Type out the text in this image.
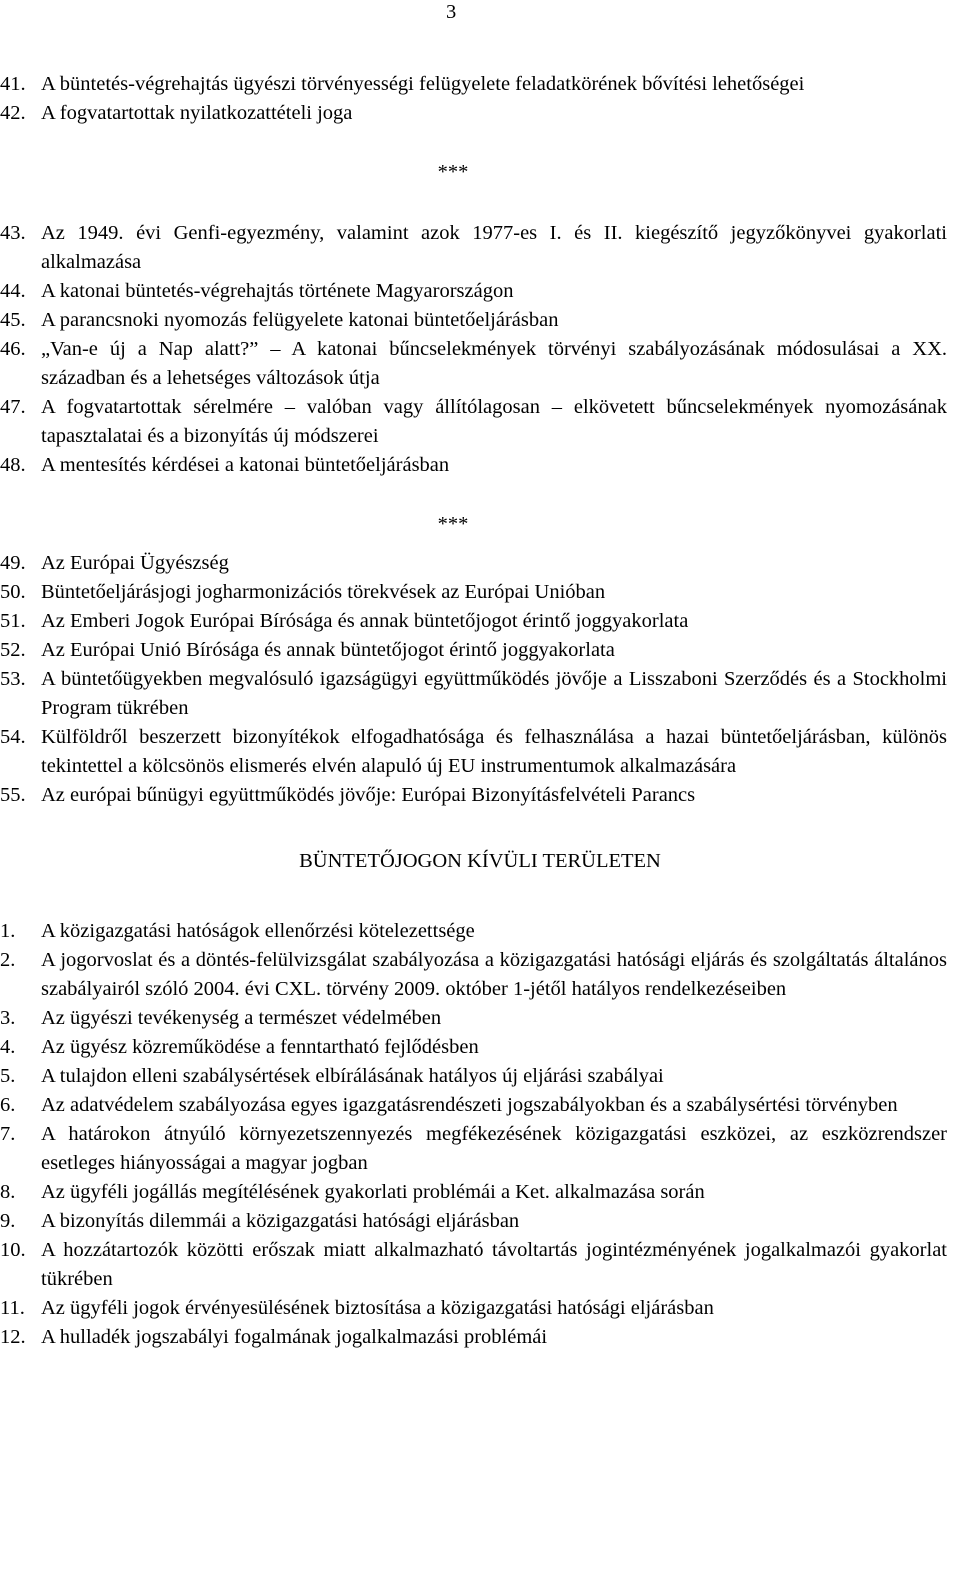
3
41. A büntetés-végrehajtás ügyészi törvényességi felügyelete feladatkörének bővítési lehetőségei
42. A fogvatartottak nyilatkozattételi joga
***
43. Az 1949. évi Genfi-egyezmény, valamint azok 1977-es I. és II. kiegészítő jegyzőkönyvei gyakorlati alkalmazása
44. A katonai büntetés-végrehajtás története Magyarországon
45. A parancsnoki nyomozás felügyelete katonai büntetőeljárásban
46. „Van-e új a Nap alatt?” – A katonai bűncselekmények törvényi szabályozásának módosulásai a XX. században és a lehetséges változások útja
47. A fogvatartottak sérelmére – valóban vagy állítólagosan – elkövetett bűncselekmények nyomozásának tapasztalatai és a bizonyítás új módszerei
48. A mentesítés kérdései a katonai büntetőeljárásban
***
49. Az Európai Ügyészség
50. Büntetőeljárásjogi jogharmonizációs törekvések az Európai Unióban
51. Az Emberi Jogok Európai Bírósága és annak büntetőjogot érintő joggyakorlata
52. Az Európai Unió Bírósága és annak büntetőjogot érintő joggyakorlata
53. A büntetőügyekben megvalósuló igazságügyi együttműködés jövője a Lisszaboni Szerződés és a Stockholmi Program tükrében
54. Külföldről beszerzett bizonyítékok elfogadhatósága és felhasználása a hazai büntetőeljárásban, különös tekintettel a kölcsönös elismerés elvén alapuló új EU instrumentumok alkalmazására
55. Az európai bűnügyi együttműködés jövője: Európai Bizonyításfelvételi Parancs
BÜNTETŐJOGON KÍVÜLI TERÜLETEN
1.	A közigazgatási hatóságok ellenőrzési kötelezettsége
2.	A jogorvoslat és a döntés-felülvizsgálat szabályozása a közigazgatási hatósági eljárás és szolgáltatás általános szabályairól szóló 2004. évi CXL. törvény 2009. október 1-jétől hatályos rendelkezéseiben
3.	Az ügyészi tevékenység a természet védelmében
4.	Az ügyész közreműködése a fenntartható fejlődésben
5.	A tulajdon elleni szabálysértések elbírálásának hatályos új eljárási szabályai
6.	Az adatvédelem szabályozása egyes igazgatásrendészeti jogszabályokban és a szabálysértési törvényben
7.	A határokon átnyúló környezetszennyezés megfékezésének közigazgatási eszközei, az eszközrendszer esetleges hiányosságai a magyar jogban
8.	Az ügyféli jogállás megítélésének gyakorlati problémái a Ket. alkalmazása során
9.	A bizonyítás dilemmái a közigazgatási hatósági eljárásban
10. A hozzátartozók közötti erőszak miatt alkalmazható távoltartás jogintézményének jogalkalmazói gyakorlat tükrében
11. Az ügyféli jogok érvényesülésének biztosítása a közigazgatási hatósági eljárásban
12. A hulladék jogszabályi fogalmának jogalkalmazási problémái
